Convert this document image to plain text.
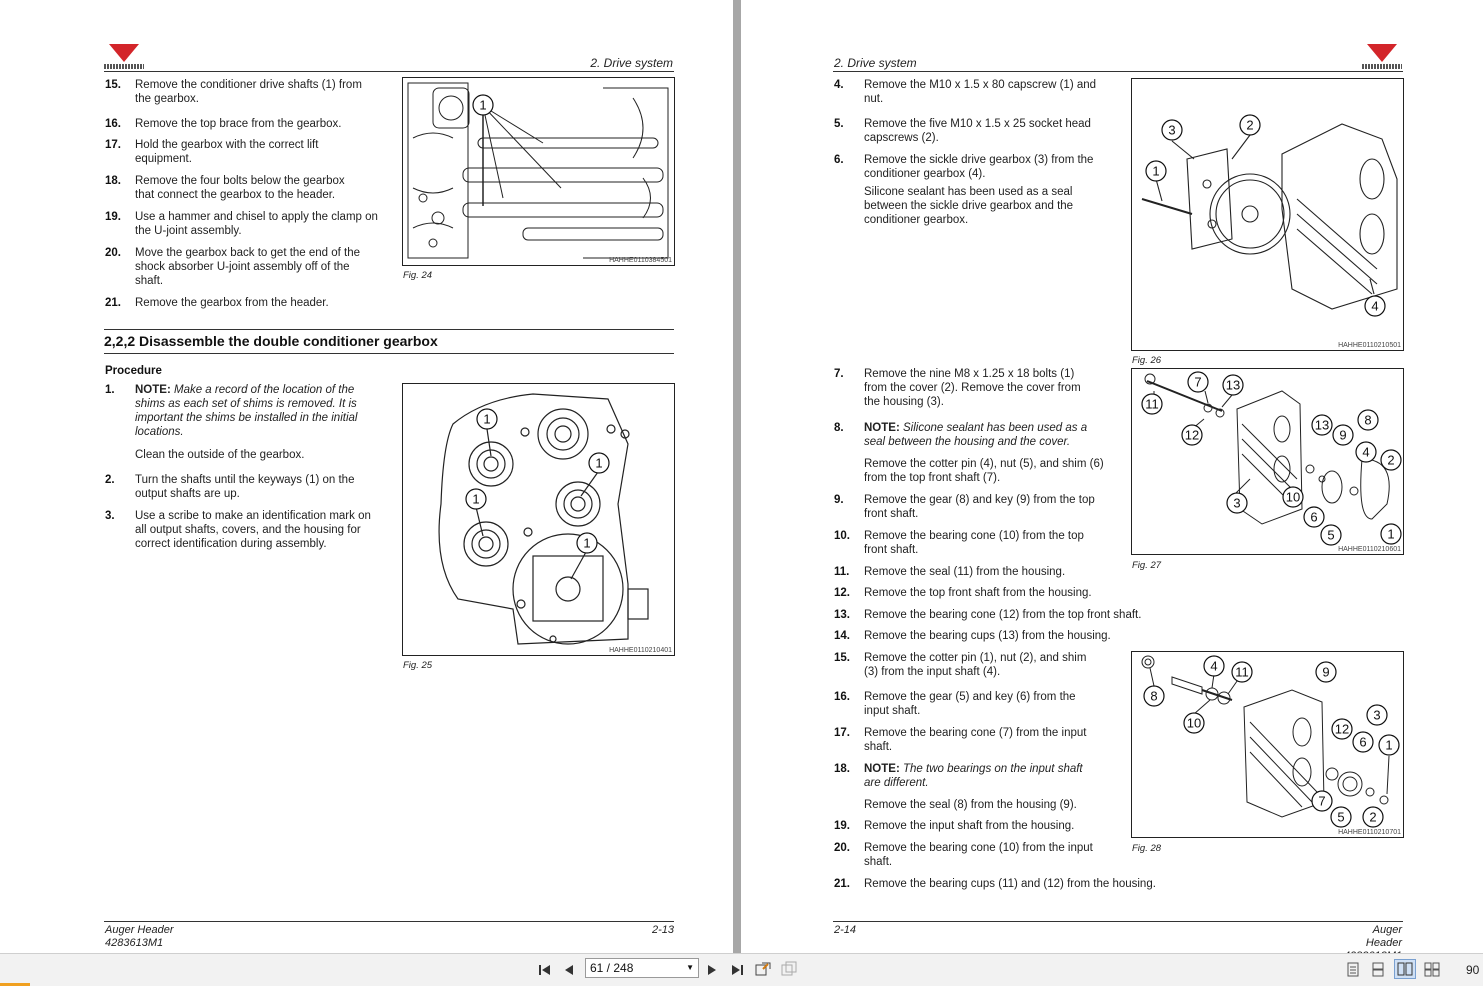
2. Drive system
15. Remove the conditioner drive shafts (1) from the gearbox.
16. Remove the top brace from the gearbox.
17. Hold the gearbox with the correct lift equipment.
18. Remove the four bolts below the gearbox that connect the gearbox to the header.
19. Use a hammer and chisel to apply the clamp on the U-joint assembly.
20. Move the gearbox back to get the end of the shock absorber U-joint assembly off of the shaft.
21. Remove the gearbox from the header.
1
HAHHE0110384501
Fig. 24
2,2,2 Disassemble the double conditioner gearbox
Procedure
1. NOTE: Make a record of the location of the shims as each set of shims is removed. It is important the shims be installed in the initial locations.
Clean the outside of the gearbox.
2. Turn the shafts until the keyways (1) on the output shafts are up.
3. Use a scribe to make an identification mark on all output shafts, covers, and the housing for correct identification during assembly.
1
1
1
1
HAHHE0110210401
Fig. 25
Auger Header
4283613M1
2-13
2. Drive system
4. Remove the M10 x 1.5 x 80 capscrew (1) and nut.
5. Remove the five M10 x 1.5 x 25 socket head capscrews (2).
6. Remove the sickle drive gearbox (3) from the conditioner gearbox (4).
Silicone sealant has been used as a seal between the sickle drive gearbox and the conditioner gearbox.
3	2
1
4
HAHHE0110210501
Fig. 26
7. Remove the nine M8 x 1.25 x 18 bolts (1) from the cover (2). Remove the cover from the housing (3).
8. NOTE: Silicone sealant has been used as a seal between the housing and the cover.
Remove the cotter pin (4), nut (5), and shim (6) from the top front shaft (7).
9. Remove the gear (8) and key (9) from the top front shaft.
10. Remove the bearing cone (10) from the top front shaft.
11. Remove the seal (11) from the housing.
12. Remove the top front shaft from the housing.
13. Remove the bearing cone (12) from the top front shaft.
14. Remove the bearing cups (13) from the housing.
15. Remove the cotter pin (1), nut (2), and shim (3) from the input shaft (4).
16. Remove the gear (5) and key (6) from the input shaft.
17. Remove the bearing cone (7) from the input shaft.
11
7 13
12
13
9
8
4
2
10
3
6
5	1
HAHHE0110210601
Fig. 27
18. NOTE: The two bearings on the input shaft are different.
Remove the seal (8) from the housing (9).
19. Remove the input shaft from the housing.
20. Remove the bearing cone (10) from the input shaft.
21. Remove the bearing cups (11) and (12) from the housing.
8
4 11	9
10	12
3
6 1
7
5 2
HAHHE0110210701
Fig. 28
2-14	Auger Header
61 / 248	▼	90
